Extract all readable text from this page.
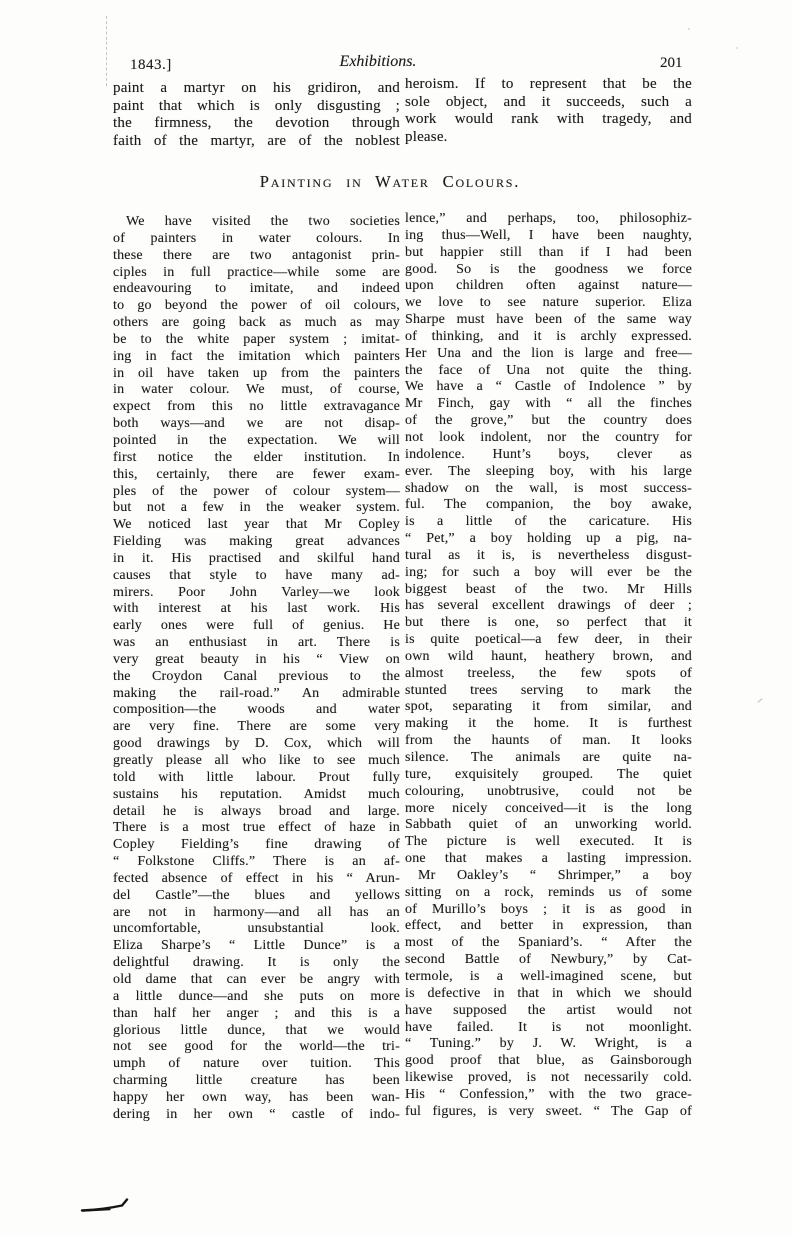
1843.]	Exhibitions.	201
paint a martyr on his gridiron, and
paint that which is only disgusting ;
the firmness, the devotion through
faith of the martyr, are of the noblest
heroism. If to represent that be the
sole object, and it succeeds, such a
work would rank with tragedy, and
please.
Painting in Water Colours.
We have visited the two societies
of painters in water colours. In
these there are two antagonist prin-
ciples in full practice—while some are
endeavouring to imitate, and indeed
to go beyond the power of oil colours,
others are going back as much as may
be to the white paper system ; imitat-
ing in fact the imitation which painters
in oil have taken up from the painters
in water colour. We must, of course,
expect from this no little extravagance
both ways—and we are not disap-
pointed in the expectation. We will
first notice the elder institution. In
this, certainly, there are fewer exam-
ples of the power of colour system—
but not a few in the weaker system.
We noticed last year that Mr Copley
Fielding was making great advances
in it. His practised and skilful hand
causes that style to have many ad-
mirers. Poor John Varley—we look
with interest at his last work. His
early ones were full of genius. He
was an enthusiast in art. There is
very great beauty in his “ View on
the Croydon Canal previous to the
making the rail-road.” An admirable
composition—the woods and water
are very fine. There are some very
good drawings by D. Cox, which will
greatly please all who like to see much
told with little labour. Prout fully
sustains his reputation. Amidst much
detail he is always broad and large.
There is a most true effect of haze in
Copley Fielding’s fine drawing of
“ Folkstone Cliffs.” There is an af-
fected absence of effect in his “ Arun-
del Castle”—the blues and yellows
are not in harmony—and all has an
uncomfortable, unsubstantial look.
Eliza Sharpe’s “ Little Dunce” is a
delightful drawing. It is only the
old dame that can ever be angry with
a little dunce—and she puts on more
than half her anger ; and this is a
glorious little dunce, that we would
not see good for the world—the tri-
umph of nature over tuition. This
charming little creature has been
happy her own way, has been wan-
dering in her own “ castle of indo-
lence,” and perhaps, too, philosophiz-
ing thus—Well, I have been naughty,
but happier still than if I had been
good. So is the goodness we force
upon children often against nature—
we love to see nature superior. Eliza
Sharpe must have been of the same way
of thinking, and it is archly expressed.
Her Una and the lion is large and free—
the face of Una not quite the thing.
We have a “ Castle of Indolence ” by
Mr Finch, gay with “ all the finches
of the grove,” but the country does
not look indolent, nor the country for
indolence. Hunt’s boys, clever as
ever. The sleeping boy, with his large
shadow on the wall, is most success-
ful. The companion, the boy awake,
is a little of the caricature. His
“ Pet,” a boy holding up a pig, na-
tural as it is, is nevertheless disgust-
ing; for such a boy will ever be the
biggest beast of the two. Mr Hills
has several excellent drawings of deer ;
but there is one, so perfect that it
is quite poetical—a few deer, in their
own wild haunt, heathery brown, and
almost treeless, the few spots of
stunted trees serving to mark the
spot, separating it from similar, and
making it the home. It is furthest
from the haunts of man. It looks
silence. The animals are quite na-
ture, exquisitely grouped. The quiet
colouring, unobtrusive, could not be
more nicely conceived—it is the long
Sabbath quiet of an unworking world.
The picture is well executed. It is
one that makes a lasting impression.
Mr Oakley’s “ Shrimper,” a boy
sitting on a rock, reminds us of some
of Murillo’s boys ; it is as good in
effect, and better in expression, than
most of the Spaniard’s. “ After the
second Battle of Newbury,” by Cat-
termole, is a well-imagined scene, but
is defective in that in which we should
have supposed the artist would not
have failed. It is not moonlight.
“ Tuning.” by J. W. Wright, is a
good proof that blue, as Gainsborough
likewise proved, is not necessarily cold.
His “ Confession,” with the two grace-
ful figures, is very sweet. “ The Gap of
